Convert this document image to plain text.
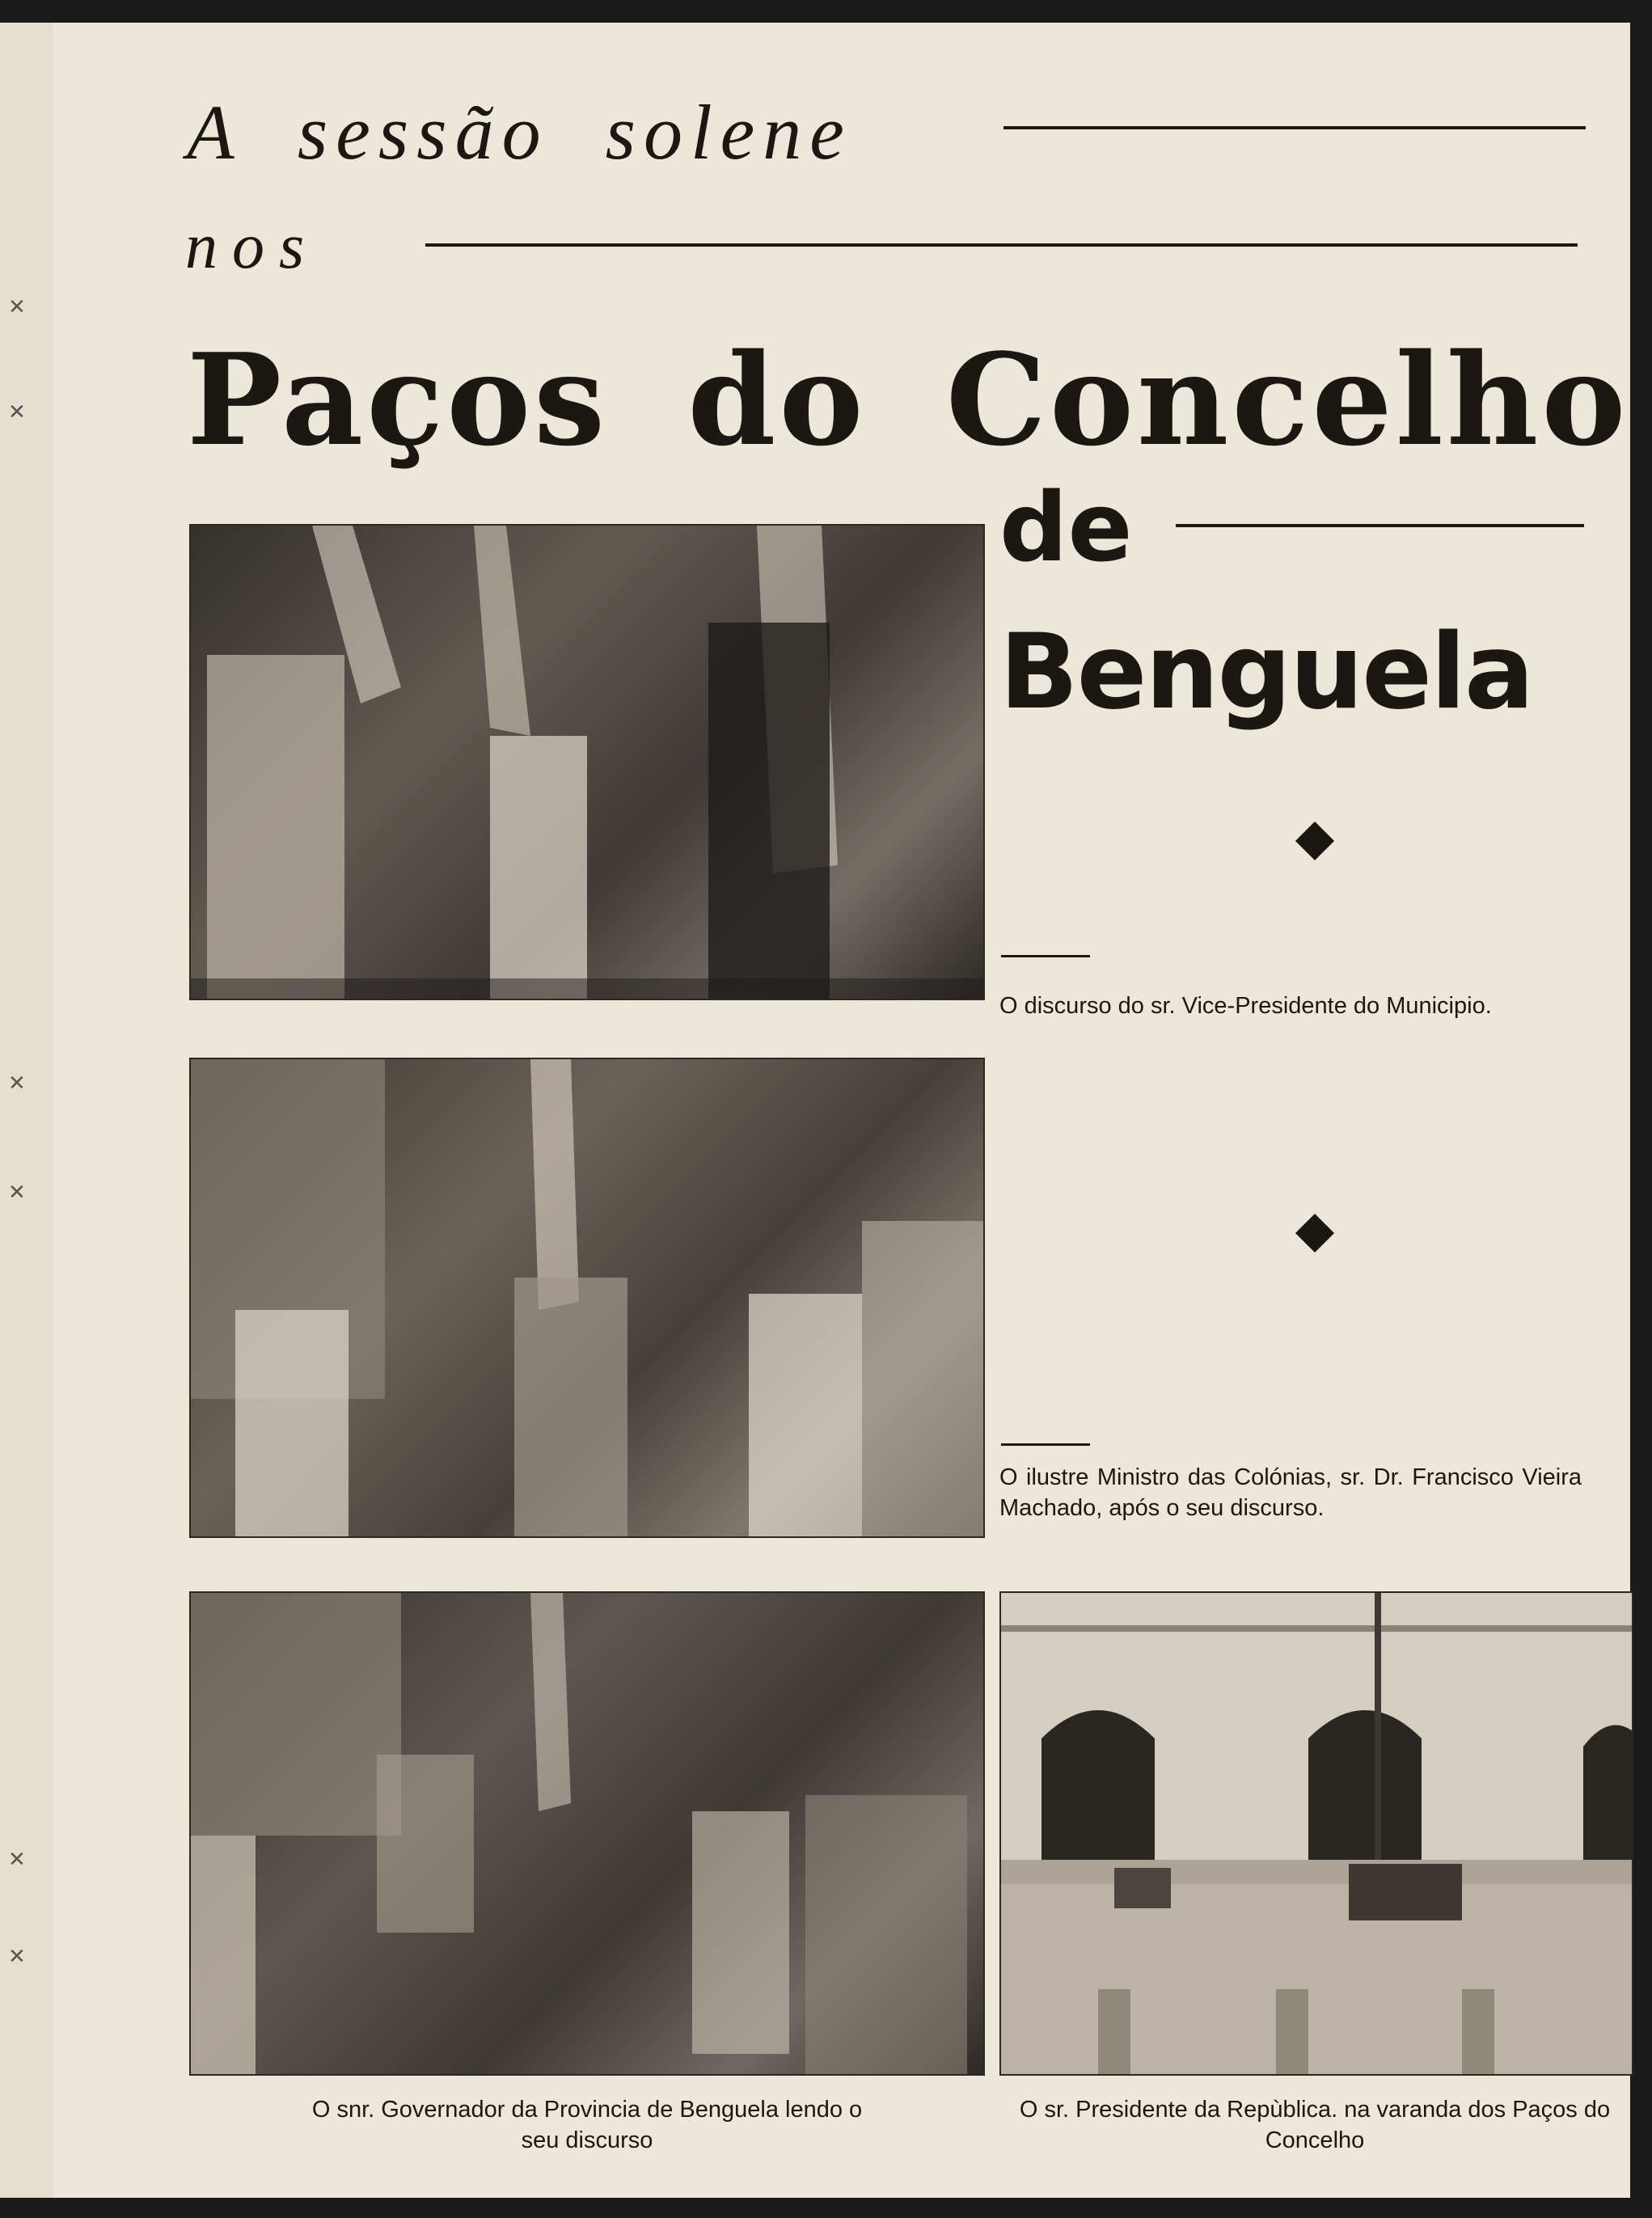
✕
✕
✕
✕
✕
✕
A sessão solene
nos
Paços do Concelho
de
Benguela
O discurso do sr. Vice-Presidente do Municipio.
O ilustre Ministro das Colónias, sr. Dr. Francisco Vieira Machado, após o seu discurso.
O snr. Governador da Provincia de Benguela lendo o seu discurso
O sr. Presidente da Repùblica. na varanda dos Paços do Concelho
